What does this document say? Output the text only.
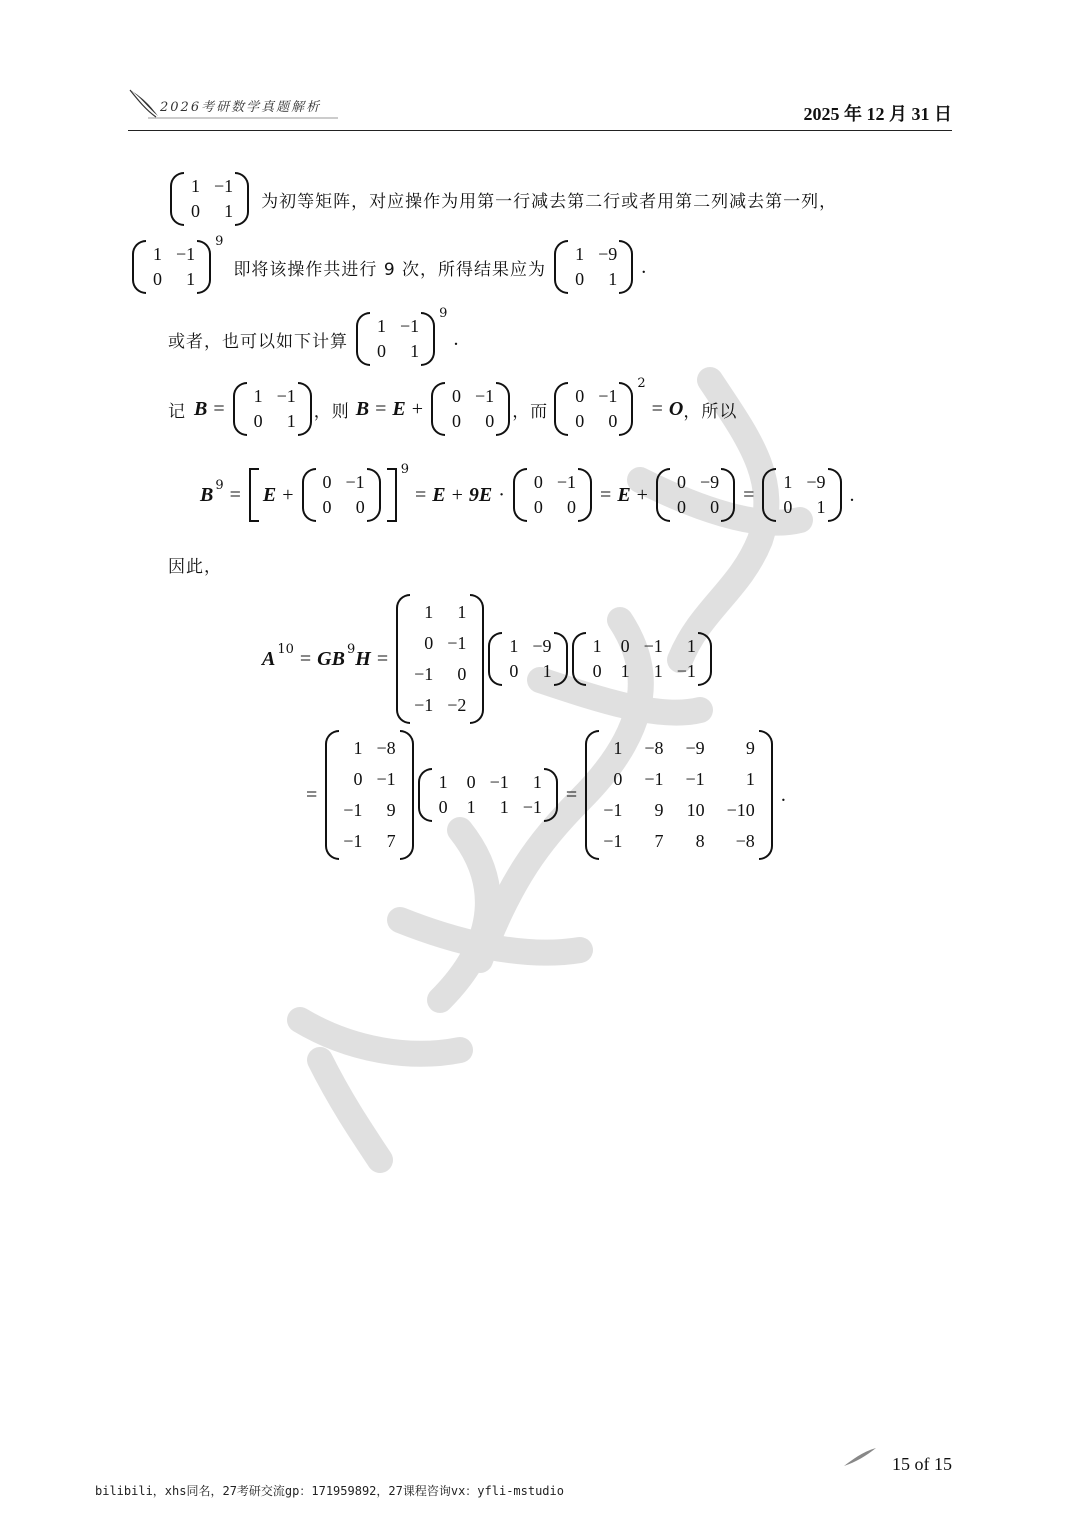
2026考研数学真题解析	2025 年 12 月 31 日
1 −1
0	1 为初等矩阵，对应操作为用第一行减去第二行或者用第二列减去第一列，
1 −1
0	1
$^9$
即将该操作共进行 9 次，所得结果应为
1 −9
0	1
.
或者，也可以如下计算
1 −1
0	1
$^9$
.
记 B =
1 −1
0	1 ，则 B = E +
0 −1
0	0 ，而
0 −1
0	0
$^2$
= O ，所以
$B^9 = E$ +
0 −1
0	0
$^9$
= E + 9E ·
0 −1
0	0
= E +
0 −9
0	0
=
1 −9
0	1
.
因此，
$A^{10} = GB^9$ H =
1	1
0 −1
−1	0
−1 −2
1 −9
0	1
1 0 −1	1
0 1	1 −1
=
1 −8
0 −1
−1	9
−1	7
1 0 −1	1
0 1	1 −1
=
1 −8 −9	9
0 −1 −1	1
−1	9 10 −10
−1	7	8	−8
.
15 of 15
bilibili，xhs同名，27考研交流gp：171959892，27课程咨询vx：yfli-mstudio
